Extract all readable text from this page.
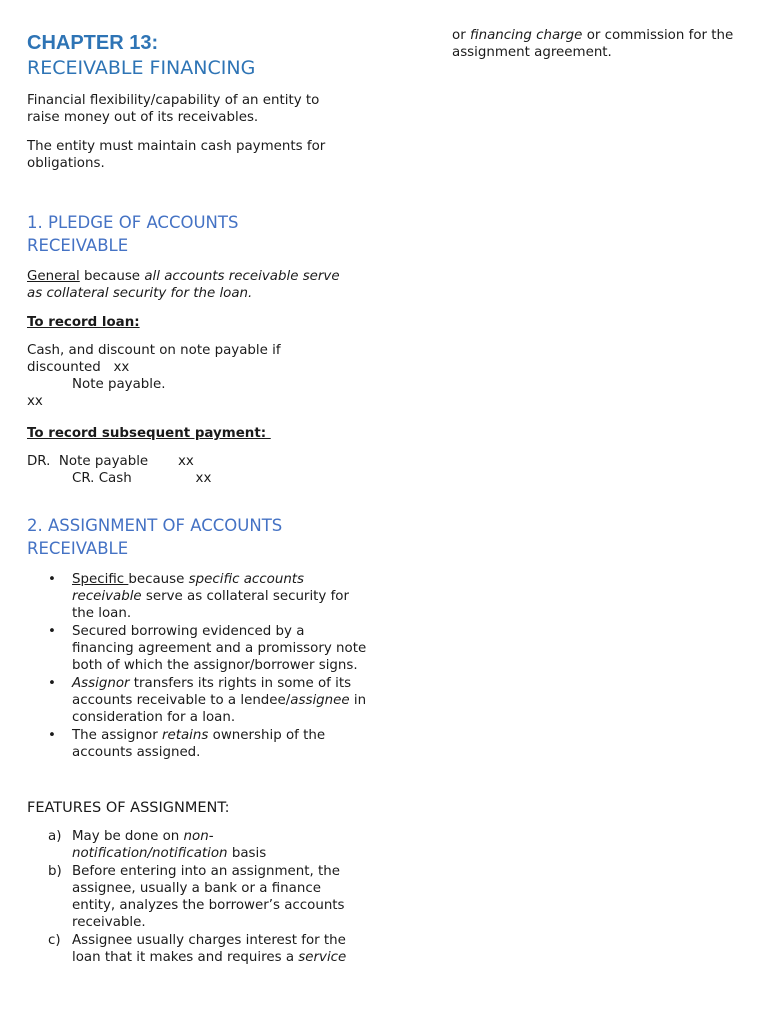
CHAPTER 13:
RECEIVABLE FINANCING

Financial flexibility/capability of an entity to raise money out of its receivables.

The entity must maintain cash payments for obligations.

1. PLEDGE OF ACCOUNTS
RECEIVABLE

General because all accounts receivable serve as collateral security for the loan.

To record loan:

Cash, and discount on note payable if
discounted   xx
Note payable.
xx

To record subsequent payment:

DR.  Note payable       xx
CR. Cash               xx
2. ASSIGNMENT OF ACCOUNTS
RECEIVABLE
• Specific because specific accounts receivable serve as collateral security for the loan.
• Secured borrowing evidenced by a financing agreement and a promissory note both of which the assignor/borrower signs.
• Assignor transfers its rights in some of its accounts receivable to a lendee/assignee in consideration for a loan.
• The assignor retains ownership of the accounts assigned.

FEATURES OF ASSIGNMENT:

a) May be done on non-notification/notification basis
b) Before entering into an assignment, the assignee, usually a bank or a finance entity, analyzes the borrower’s accounts receivable.
c) Assignee usually charges interest for the loan that it makes and requires a service

or financing charge or commission for the assignment agreement.
